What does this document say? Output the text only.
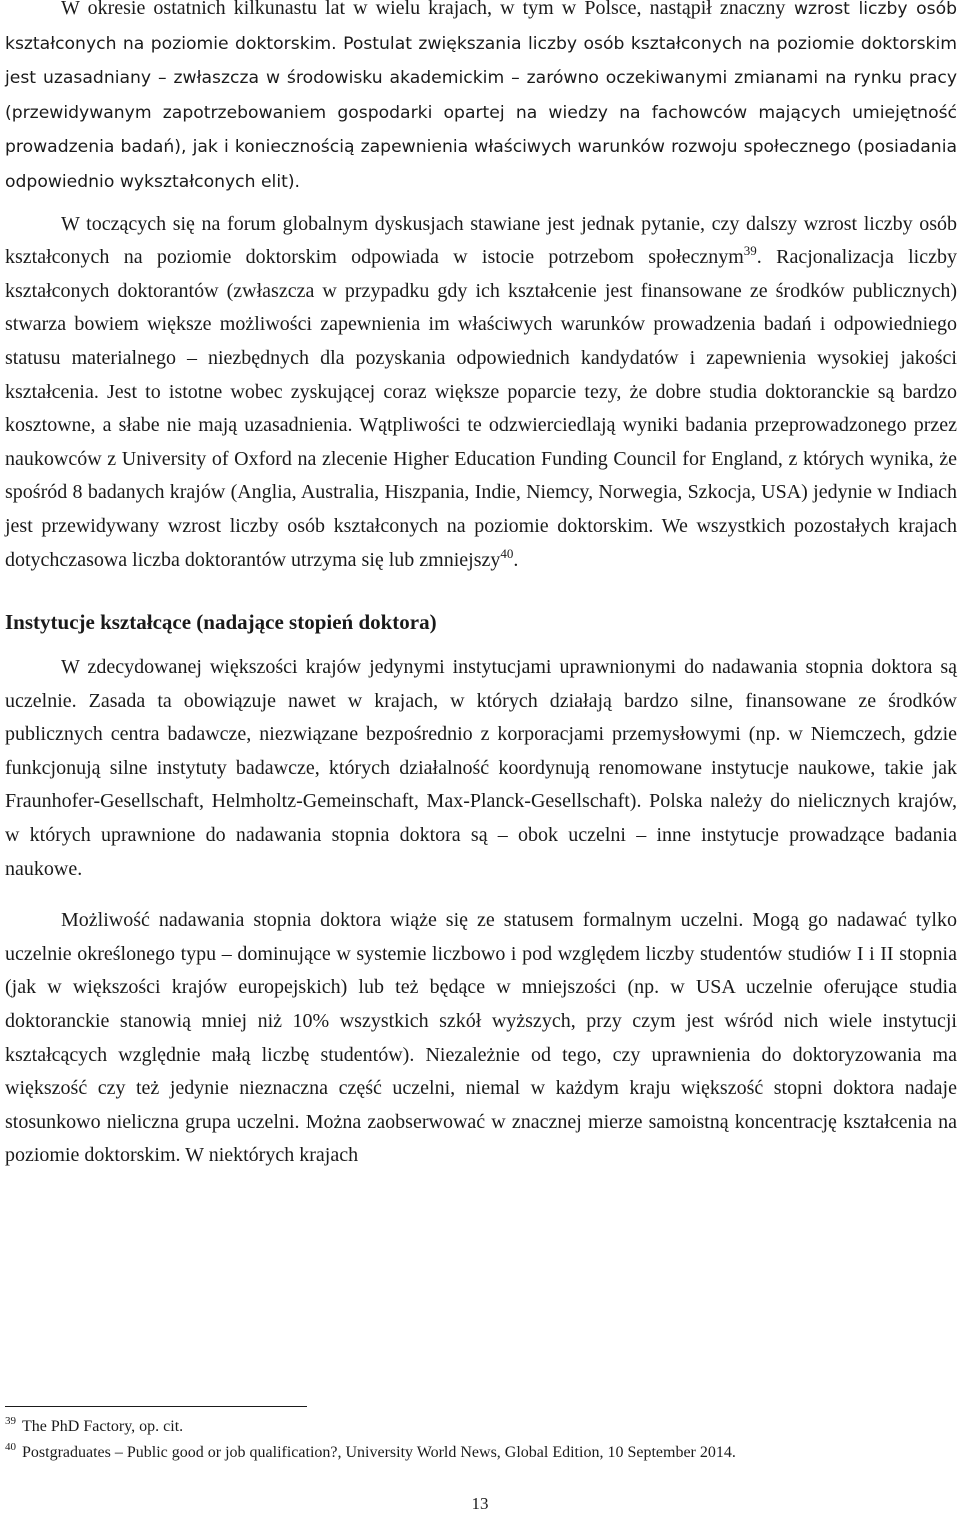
W okresie ostatnich kilkunastu lat w wielu krajach, w tym w Polsce, nastąpił znaczny wzrost liczby osób kształconych na poziomie doktorskim. Postulat zwiększania liczby osób kształconych na poziomie doktorskim jest uzasadniany – zwłaszcza w środowisku akademickim – zarówno oczekiwanymi zmianami na rynku pracy (przewidywanym zapotrzebowaniem gospodarki opartej na wiedzy na fachowców mających umiejętność prowadzenia badań), jak i koniecznością zapewnienia właściwych warunków rozwoju społecznego (posiadania odpowiednio wykształconych elit).

W toczących się na forum globalnym dyskusjach stawiane jest jednak pytanie, czy dalszy wzrost liczby osób kształconych na poziomie doktorskim odpowiada w istocie potrzebom społecznym$^{39}$. Racjonalizacja liczby kształconych doktorantów (zwłaszcza w przypadku gdy ich kształcenie jest finansowane ze środków publicznych) stwarza bowiem większe możliwości zapewnienia im właściwych warunków prowadzenia badań i odpowiedniego statusu materialnego – niezbędnych dla pozyskania odpowiednich kandydatów i zapewnienia wysokiej jakości kształcenia. Jest to istotne wobec zyskującej coraz większe poparcie tezy, że dobre studia doktoranckie są bardzo kosztowne, a słabe nie mają uzasadnienia. Wątpliwości te odzwierciedlają wyniki badania przeprowadzonego przez naukowców z University of Oxford na zlecenie Higher Education Funding Council for England, z których wynika, że spośród 8 badanych krajów (Anglia, Australia, Hiszpania, Indie, Niemcy, Norwegia, Szkocja, USA) jedynie w Indiach jest przewidywany wzrost liczby osób kształconych na poziomie doktorskim. We wszystkich pozostałych krajach dotychczasowa liczba doktorantów utrzyma się lub zmniejszy$^{40}$.

Instytucje kształcące (nadające stopień doktora)

W zdecydowanej większości krajów jedynymi instytucjami uprawnionymi do nadawania stopnia doktora są uczelnie. Zasada ta obowiązuje nawet w krajach, w których działają bardzo silne, finansowane ze środków publicznych centra badawcze, niezwiązane bezpośrednio z korporacjami przemysłowymi (np. w Niemczech, gdzie funkcjonują silne instytuty badawcze, których działalność koordynują renomowane instytucje naukowe, takie jak Fraunhofer-Gesellschaft, Helmholtz-Gemeinschaft, Max-Planck-Gesellschaft). Polska należy do nielicznych krajów, w których uprawnione do nadawania stopnia doktora są – obok uczelni – inne instytucje prowadzące badania naukowe.

Możliwość nadawania stopnia doktora wiąże się ze statusem formalnym uczelni. Mogą go nadawać tylko uczelnie określonego typu – dominujące w systemie liczbowo i pod względem liczby studentów studiów I i II stopnia (jak w większości krajów europejskich) lub też będące w mniejszości (np. w USA uczelnie oferujące studia doktoranckie stanowią mniej niż 10% wszystkich szkół wyższych, przy czym jest wśród nich wiele instytucji kształcących względnie małą liczbę studentów). Niezależnie od tego, czy uprawnienia do doktoryzowania ma większość czy też jedynie nieznaczna część uczelni, niemal w każdym kraju większość stopni doktora nadaje stosunkowo nieliczna grupa uczelni. Można zaobserwować w znacznej mierze samoistną koncentrację kształcenia na poziomie doktorskim. W niektórych krajach

$^{39}$ The PhD Factory, op. cit.

$^{40}$ Postgraduates – Public good or job qualification?, University World News, Global Edition, 10 September 2014.

13
